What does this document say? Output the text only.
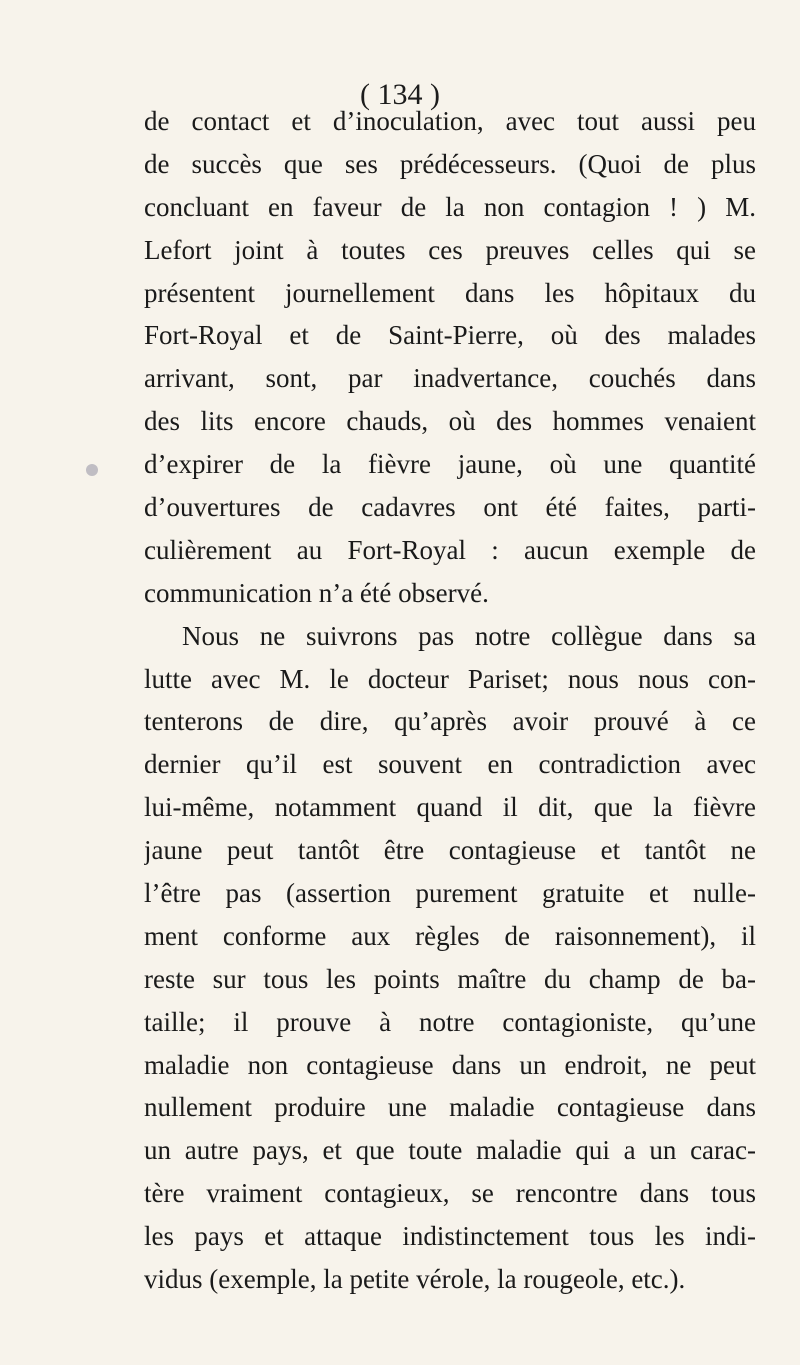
( 134 )
de contact et d’inoculation, avec tout aussi peu
de succès que ses prédécesseurs. (Quoi de plus
concluant en faveur de la non contagion ! ) M.
Lefort joint à toutes ces preuves celles qui se
présentent journellement dans les hôpitaux du
Fort-Royal et de Saint-Pierre, où des malades
arrivant, sont, par inadvertance, couchés dans
des lits encore chauds, où des hommes venaient
d’expirer de la fièvre jaune, où une quantité
d’ouvertures de cadavres ont été faites, parti-
culièrement au Fort-Royal : aucun exemple de
communication n’a été observé.
Nous ne suivrons pas notre collègue dans sa
lutte avec M. le docteur Pariset; nous nous con-
tenterons de dire, qu’après avoir prouvé à ce
dernier qu’il est souvent en contradiction avec
lui-même, notamment quand il dit, que la fièvre
jaune peut tantôt être contagieuse et tantôt ne
l’être pas (assertion purement gratuite et nulle-
ment conforme aux règles de raisonnement), il
reste sur tous les points maître du champ de ba-
taille; il prouve à notre contagioniste, qu’une
maladie non contagieuse dans un endroit, ne peut
nullement produire une maladie contagieuse dans
un autre pays, et que toute maladie qui a un carac-
tère vraiment contagieux, se rencontre dans tous
les pays et attaque indistinctement tous les indi-
vidus (exemple, la petite vérole, la rougeole, etc.).
